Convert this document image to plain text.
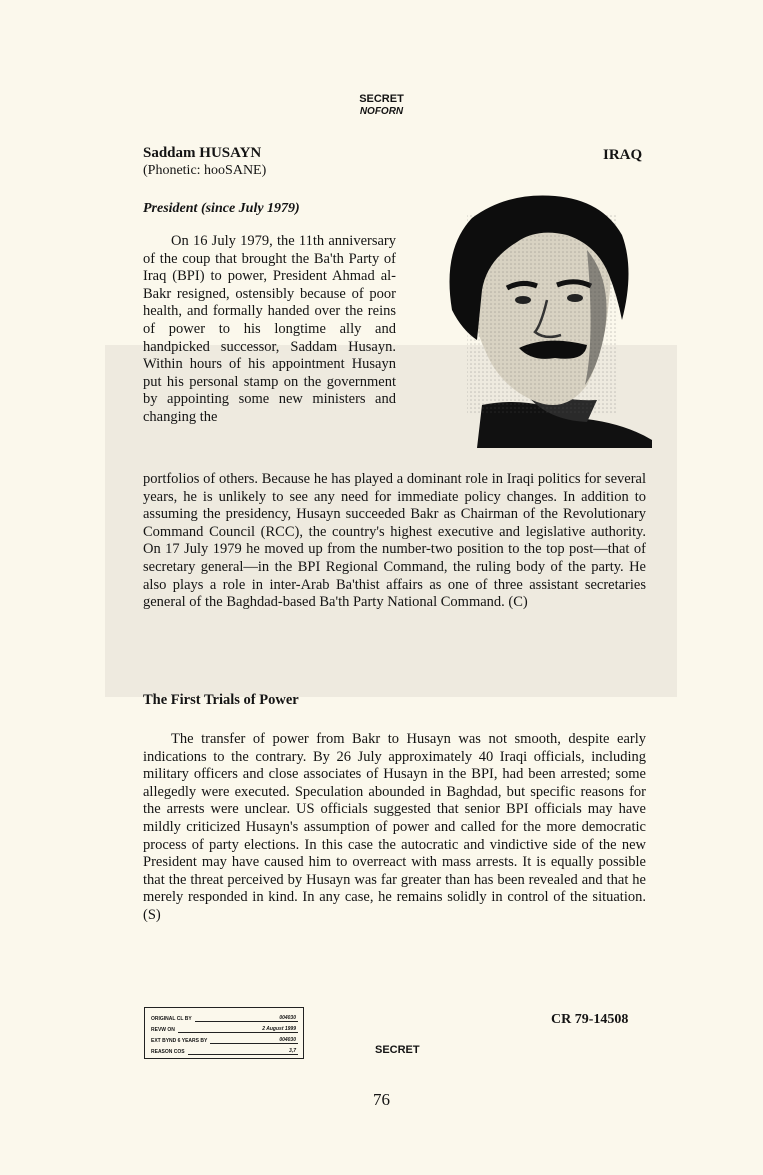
SECRET
NOFORN
Saddam HUSAYN
(Phonetic: hooSANE)
IRAQ
President (since July 1979)

On 16 July 1979, the 11th anniversary of the coup that brought the Ba'th Party of Iraq (BPI) to power, President Ahmad al-Bakr resigned, ostensibly because of poor health, and formally handed over the reins of power to his longtime ally and handpicked successor, Saddam Husayn. Within hours of his appointment Husayn put his personal stamp on the government by appointing some new ministers and changing the

portfolios of others. Because he has played a dominant role in Iraqi politics for several years, he is unlikely to see any need for immediate policy changes. In addition to assuming the presidency, Husayn succeeded Bakr as Chairman of the Revolutionary Command Council (RCC), the country's highest executive and legislative authority. On 17 July 1979 he moved up from the number-two position to the top post—that of secretary general—in the BPI Regional Command, the ruling body of the party. He also plays a role in inter-Arab Ba'thist affairs as one of three assistant secretaries general of the Baghdad-based Ba'th Party National Command. (C)

The First Trials of Power

The transfer of power from Bakr to Husayn was not smooth, despite early indications to the contrary. By 26 July approximately 40 Iraqi officials, including military officers and close associates of Husayn in the BPI, had been arrested; some allegedly were executed. Speculation abounded in Baghdad, but specific reasons for the arrests were unclear. US officials suggested that senior BPI officials may have mildly criticized Husayn's assumption of power and called for the more democratic process of party elections. In this case the autocratic and vindictive side of the new President may have caused him to overreact with mass arrests. It is equally possible that the threat perceived by Husayn was far greater than has been revealed and that he merely responded in kind. In any case, he remains solidly in control of the situation. (S)

ORIGINAL CL BY	004030
REVW ON	2 August 1999
EXT BYND 6 YEARS BY	004030
REASON COS	3,7
CR 79-14508
SECRET
76
